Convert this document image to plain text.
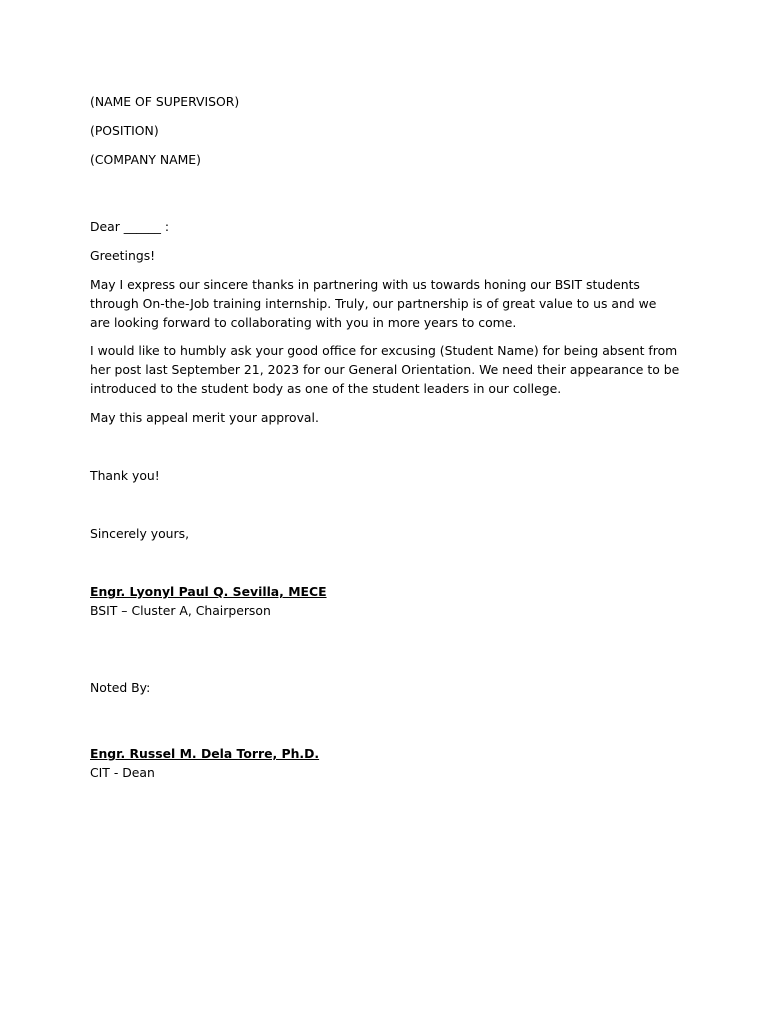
(NAME OF SUPERVISOR)
(POSITION)
(COMPANY NAME)
Dear ______ :
Greetings!
May I express our sincere thanks in partnering with us towards honing our BSIT students through On-the-Job training internship. Truly, our partnership is of great value to us and we are looking forward to collaborating with you in more years to come.
I would like to humbly ask your good office for excusing (Student Name) for being absent from her post last September 21, 2023 for our General Orientation. We need their appearance to be introduced to the student body as one of the student leaders in our college.
May this appeal merit your approval.
Thank you!
Sincerely yours,
Engr. Lyonyl Paul Q. Sevilla, MECE
BSIT – Cluster A, Chairperson
Noted By:
Engr. Russel M. Dela Torre, Ph.D.
CIT - Dean
